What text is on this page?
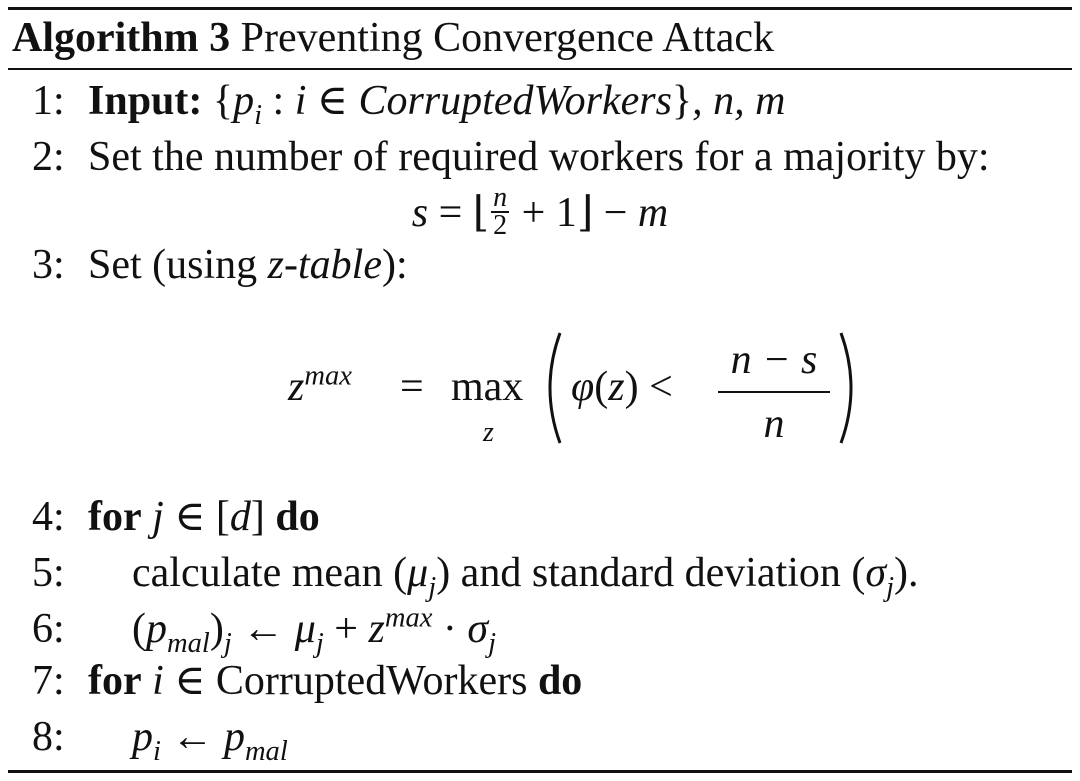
Algorithm 3 Preventing Convergence Attack
1: Input: {$p_i$ : i ∈ CorruptedWorkers}, n, m
2: Set the number of required workers for a majority by:
s = ⌊ $\frac{n}{2}$ + 1⌋ − m
3: Set (using z-table):
$z^{max} = \max$
z
φ(z) <
n − s
n
4: for j ∈ [d] do
5:	calculate mean $(\mu_j)$ and standard deviation $(\sigma_j)$.
6:	$(p_{mal})_j$ ← $\mu_j + z^{max} \cdot \sigma_j$
7: for i ∈ CorruptedWorkers do
8:	$p_i$ ← $p_{mal}$
